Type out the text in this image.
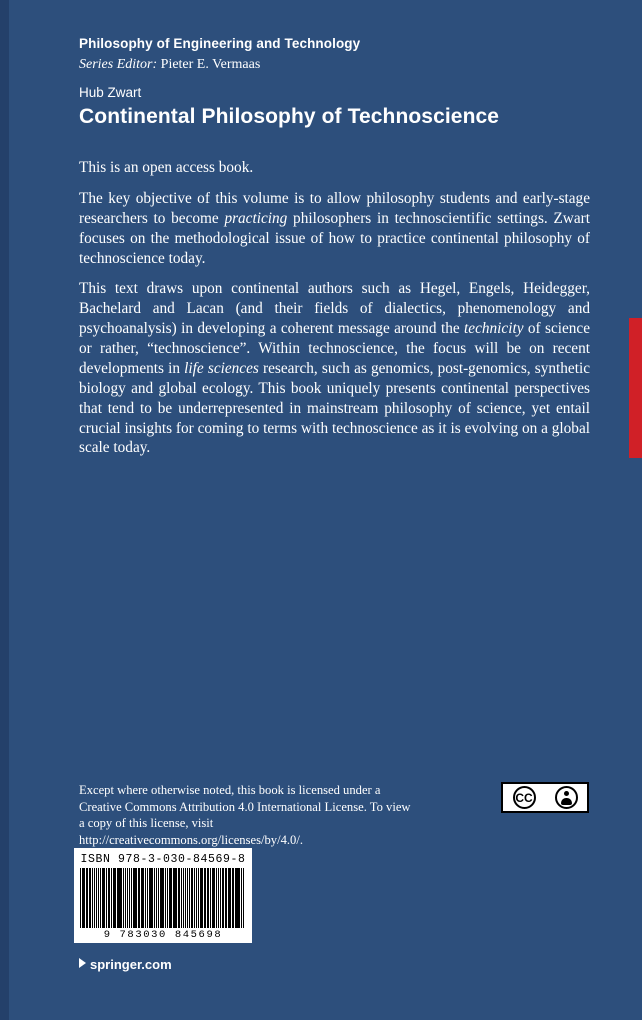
Philosophy of Engineering and Technology
Series Editor: Pieter E. Vermaas
Hub Zwart
Continental Philosophy of Technoscience

This is an open access book.

The key objective of this volume is to allow philosophy students and early-stage researchers to become practicing philosophers in technoscientific settings. Zwart focuses on the methodological issue of how to practice continental philosophy of technoscience today.

This text draws upon continental authors such as Hegel, Engels, Heidegger, Bachelard and Lacan (and their fields of dialectics, phenomenology and psychoanalysis) in developing a coherent message around the technicity of science or rather, “technoscience”. Within technoscience, the focus will be on recent developments in life sciences research, such as genomics, post-genomics, synthetic biology and global ecology. This book uniquely presents continental perspectives that tend to be underrepresented in mainstream philosophy of science, yet entail crucial insights for coming to terms with technoscience as it is evolving on a global scale today.

Except where otherwise noted, this book is licensed under a Creative Commons Attribution 4.0 International License. To view a copy of this license, visit http://creativecommons.org/licenses/by/4.0/.
CC	BY
ISBN 978-3-030-84569-8
9 783030 845698
springer.com
